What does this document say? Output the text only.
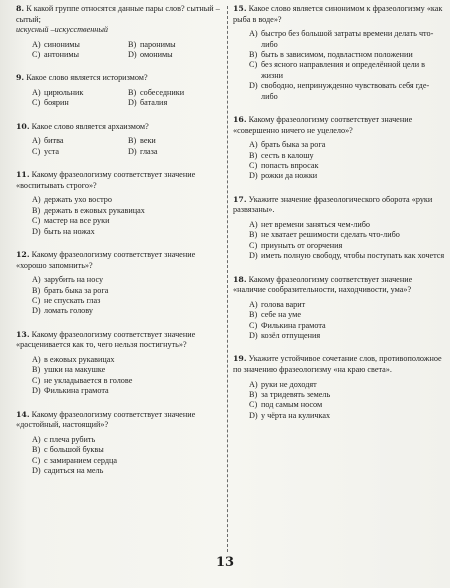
8. К какой группе относятся данные пары слов? сытный – сытый;
искусный –искусственный
А) синонимы	В) паронимы
С) антонимы	D) омонимы
9. Какое слово является историзмом?
А) цирюльник	В) собеседники
С) боярин	D) баталия
10. Какое слово является архаизмом?
А) битва	В) веки
С) уста	D) глаза
11. Какому фразеологизму соответствует значение «воспитывать строго»?
А) держать ухо востро
В) держать в ежовых рукавицах
С) мастер на все руки
D) быть на ножах
12. Какому фразеологизму соответствует значение «хорошо запомнить»?
А) зарубить на носу
В) брать быка за рога
С) не спускать глаз
D) ломать голову
13. Какому фразеологизму соответствует значение «расценивается как то, чего нельзя постигнуть»?
А) в ежовых рукавицах
В) ушки на макушке
С) не укладывается в голове
D) Филькина грамота
14. Какому фразеологизму соответствует значение «достойный, настоящий»?
А) с плеча рубить
В) с большой буквы
С) с замиранием сердца
D) садиться на мель
15. Какое слово является синонимом к фразеологизму «как рыба в воде»?
А) быстро без большой затраты времени делать что-либо
В) быть в зависимом, подвластном положении
С) без ясного направления и определённой цели в жизни
D) свободно, непринужденно чувствовать себя где-либо
16. Какому фразеологизму соответствует значение «совершенно ничего не уцелело»?
А) брать быка за рога
В) сесть в калошу
С) попасть впросак
D) рожки да ножки
17. Укажите значение фразеологического оборота «руки развязаны».
А) нет времени заняться чем-либо
В) не хватает решимости сделать что-либо
С) приуныть от огорчения
D) иметь полную свободу, чтобы поступать как хочется
18. Какому фразеологизму соответствует значение «наличие сообразительности, находчивости, ума»?
А) голова варит
В) себе на уме
С) Филькина грамота
D) козёл отпущения
19. Укажите устойчивое сочетание слов, противоположное по значению фразеологизму «на краю света».
А) руки не доходят
В) за тридевять земель
С) под самым носом
D) у чёрта на куличках
13
